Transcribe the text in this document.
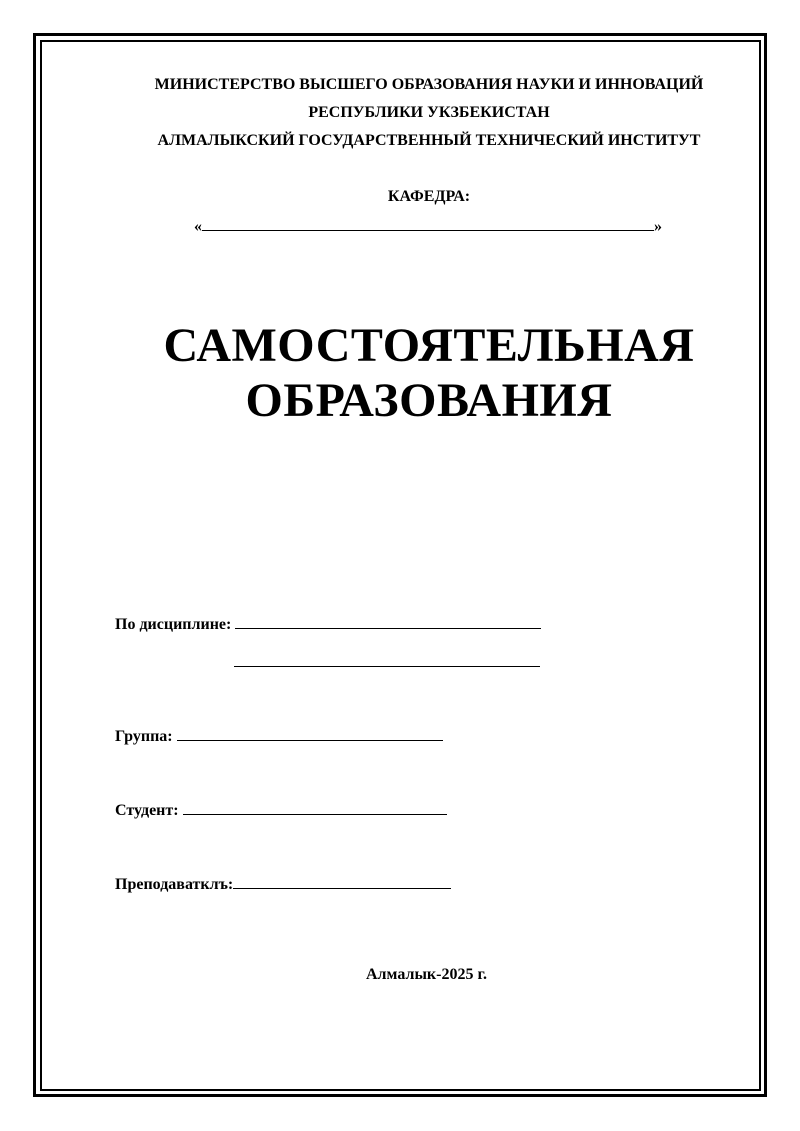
МИНИСТЕРСТВО ВЫСШЕГО ОБРАЗОВАНИЯ НАУКИ И ИННОВАЦИЙ
РЕСПУБЛИКИ УКЗБЕКИСТАН
АЛМАЛЫКСКИЙ ГОСУДАРСТВЕННЫЙ ТЕХНИЧЕСКИЙ ИНСТИТУТ
КАФЕДРА:
«	»
САМОСТОЯТЕЛЬНАЯ
ОБРАЗОВАНИЯ
По дисциплине:
Группа:
Студент:
Преподаватклъ:
Алмалык-2025 г.
